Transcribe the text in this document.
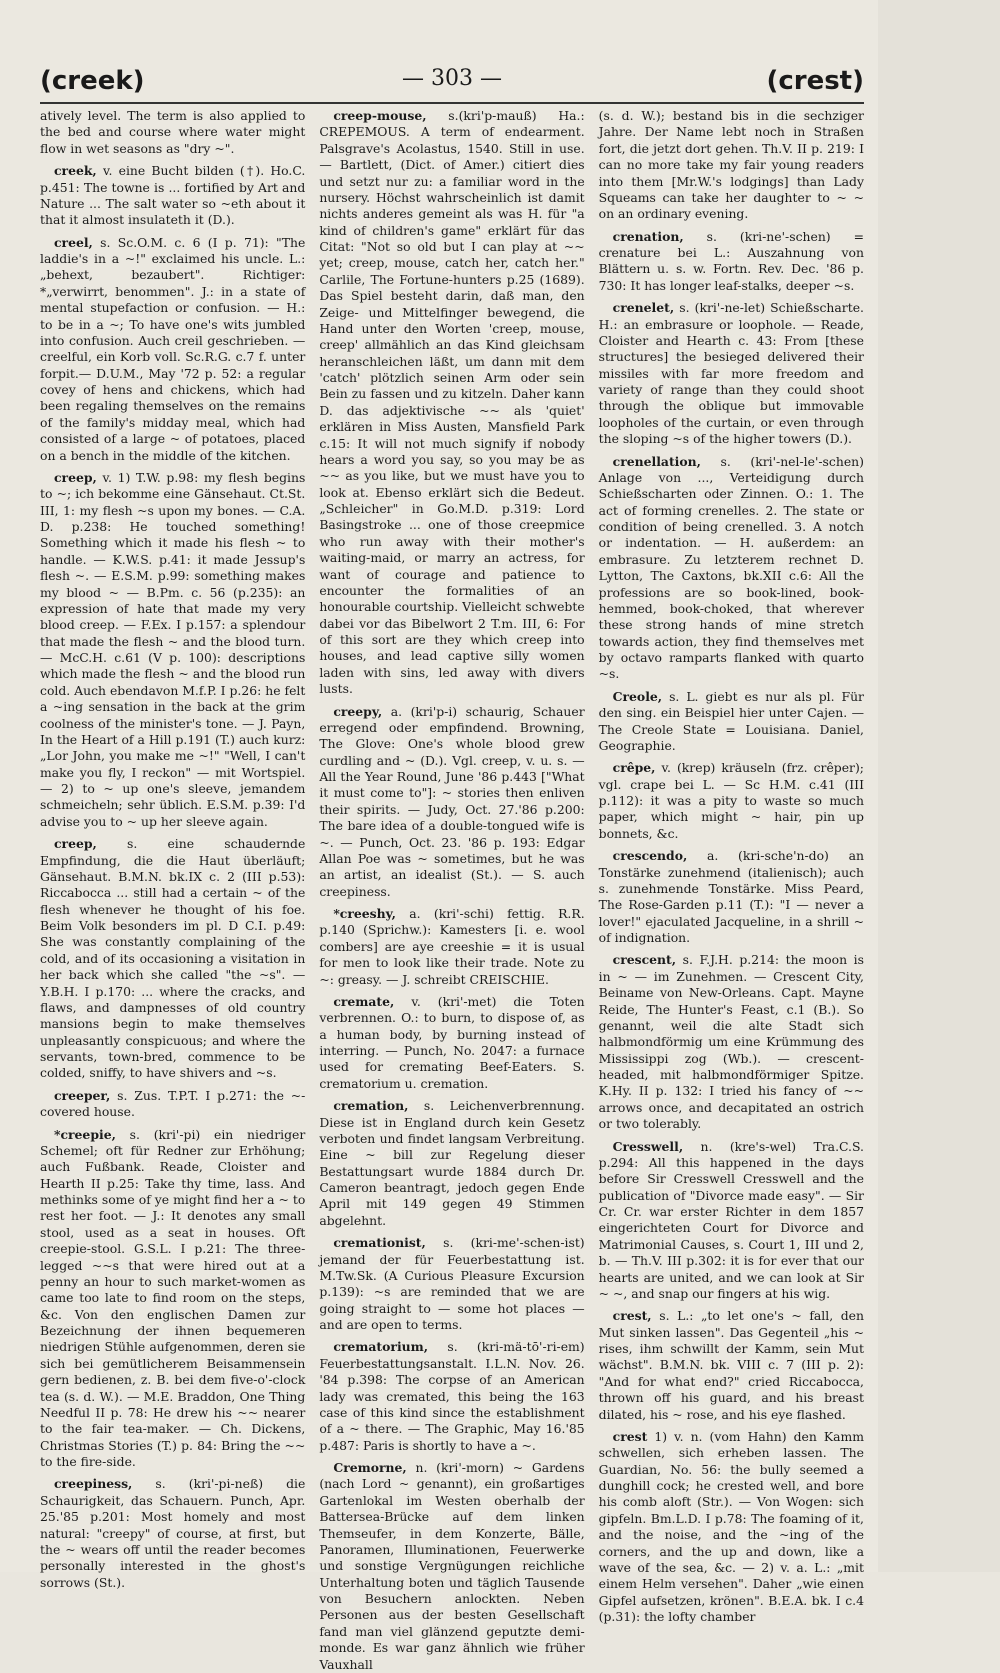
(creek)	— 303 —	(crest)

atively level. The term is also applied to the bed and course where water might flow in wet seasons as "dry ~".

creek, v. eine Bucht bilden (†). Ho.C. p.451: The towne is ... fortified by Art and Nature ... The salt water so ~eth about it that it almost insulateth it (D.).

creel, s. Sc.O.M. c. 6 (I p. 71): "The laddie's in a ~!" exclaimed his uncle. L.: „behext, bezaubert". Richtiger: *„verwirrt, benommen". J.: in a state of mental stupefaction or confusion. — H.: to be in a ~; To have one's wits jumbled into confusion. Auch creil geschrieben. — creelful, ein Korb voll. Sc.R.G. c.7 f. unter forpit.— D.U.M., May '72 p. 52: a regular covey of hens and chickens, which had been regaling themselves on the remains of the family's midday meal, which had consisted of a large ~ of potatoes, placed on a bench in the middle of the kitchen.

creep, v. 1) T.W. p.98: my flesh begins to ~; ich bekomme eine Gänsehaut. Ct.St. III, 1: my flesh ~s upon my bones. — C.A. D. p.238: He touched something! Something which it made his flesh ~ to handle. — K.W.S. p.41: it made Jessup's flesh ~. — E.S.M. p.99: something makes my blood ~ — B.Pm. c. 56 (p.235): an expression of hate that made my very blood creep. — F.Ex. I p.157: a splendour that made the flesh ~ and the blood turn. — McC.H. c.61 (V p. 100): descriptions which made the flesh ~ and the blood run cold. Auch ebendavon M.f.P. I p.26: he felt a ~ing sensation in the back at the grim coolness of the minister's tone. — J. Payn, In the Heart of a Hill p.191 (T.) auch kurz: „Lor John, you make me ~!" "Well, I can't make you fly, I reckon" — mit Wortspiel. — 2) to ~ up one's sleeve, jemandem schmeicheln; sehr üblich. E.S.M. p.39: I'd advise you to ~ up her sleeve again.

creep, s. eine schaudernde Empfindung, die die Haut überläuft; Gänsehaut. B.M.N. bk.IX c. 2 (III p.53): Riccabocca ... still had a certain ~ of the flesh whenever he thought of his foe. Beim Volk besonders im pl. D C.I. p.49: She was constantly complaining of the cold, and of its occasioning a visitation in her back which she called "the ~s". — Y.B.H. I p.170: ... where the cracks, and flaws, and dampnesses of old country mansions begin to make themselves unpleasantly conspicuous; and where the servants, town-bred, commence to be colded, sniffy, to have shivers and ~s.

creeper, s. Zus. T.P.T. I p.271: the ~-covered house.

*creepie, s. (kri'-pi) ein niedriger Schemel; oft für Redner zur Erhöhung; auch Fußbank. Reade, Cloister and Hearth II p.25: Take thy time, lass. And methinks some of ye might find her a ~ to rest her foot. — J.: It denotes any small stool, used as a seat in houses. Oft creepie-stool. G.S.L. I p.21: The three-legged ~~s that were hired out at a penny an hour to such market-women as came too late to find room on the steps, &c. Von den englischen Damen zur Bezeichnung der ihnen bequemeren niedrigen Stühle aufgenommen, deren sie sich bei gemütlicherem Beisammensein gern bedienen, z. B. bei dem five-o'-clock tea (s. d. W.). — M.E. Braddon, One Thing Needful II p. 78: He drew his ~~ nearer to the fair tea-maker. — Ch. Dickens, Christmas Stories (T.) p. 84: Bring the ~~ to the fire-side.

creepiness, s. (kri'-pi-neß) die Schaurigkeit, das Schauern. Punch, Apr. 25.'85 p.201: Most homely and most natural: "creepy" of course, at first, but the ~ wears off until the reader becomes personally interested in the ghost's sorrows (St.).

creep-mouse, s.(kri'p-mauß) Ha.: CREPEMOUS. A term of endearment. Palsgrave's Acolastus, 1540. Still in use. — Bartlett, (Dict. of Amer.) citiert dies und setzt nur zu: a familiar word in the nursery. Höchst wahrscheinlich ist damit nichts anderes gemeint als was H. für "a kind of children's game" erklärt für das Citat: "Not so old but I can play at ~~ yet; creep, mouse, catch her, catch her." Carlile, The Fortune-hunters p.25 (1689). Das Spiel besteht darin, daß man, den Zeige- und Mittelfinger bewegend, die Hand unter den Worten 'creep, mouse, creep' allmählich an das Kind gleichsam heranschleichen läßt, um dann mit dem 'catch' plötzlich seinen Arm oder sein Bein zu fassen und zu kitzeln. Daher kann D. das adjektivische ~~ als 'quiet' erklären in Miss Austen, Mansfield Park c.15: It will not much signify if nobody hears a word you say, so you may be as ~~ as you like, but we must have you to look at. Ebenso erklärt sich die Bedeut. „Schleicher" in Go.M.D. p.319: Lord Basingstroke ... one of those creepmice who run away with their mother's waiting-maid, or marry an actress, for want of courage and patience to encounter the formalities of an honourable courtship. Vielleicht schwebte dabei vor das Bibelwort 2 T.m. III, 6: For of this sort are they which creep into houses, and lead captive silly women laden with sins, led away with divers lusts.

creepy, a. (kri'p-i) schaurig, Schauer erregend oder empfindend. Browning, The Glove: One's whole blood grew curdling and ~ (D.). Vgl. creep, v. u. s. — All the Year Round, June '86 p.443 ["What it must come to"]: ~ stories then enliven their spirits. — Judy, Oct. 27.'86 p.200: The bare idea of a double-tongued wife is ~. — Punch, Oct. 23. '86 p. 193: Edgar Allan Poe was ~ sometimes, but he was an artist, an idealist (St.). — S. auch creepiness.

*creeshy, a. (kri'-schi) fettig. R.R. p.140 (Sprichw.): Kamesters [i. e. wool combers] are aye creeshie = it is usual for men to look like their trade. Note zu ~: greasy. — J. schreibt CREISCHIE.

cremate, v. (kri'-met) die Toten verbrennen. O.: to burn, to dispose of, as a human body, by burning instead of interring. — Punch, No. 2047: a furnace used for cremating Beef-Eaters. S. crematorium u. cremation.

cremation, s. Leichenverbrennung. Diese ist in England durch kein Gesetz verboten und findet langsam Verbreitung. Eine ~ bill zur Regelung dieser Bestattungsart wurde 1884 durch Dr. Cameron beantragt, jedoch gegen Ende April mit 149 gegen 49 Stimmen abgelehnt.

cremationist, s. (kri-me'-schen-ist) jemand der für Feuerbestattung ist. M.Tw.Sk. (A Curious Pleasure Excursion p.139): ~s are reminded that we are going straight to — some hot places — and are open to terms.

crematorium, s. (kri-mä-tō'-ri-em) Feuerbestattungsanstalt. I.L.N. Nov. 26. '84 p.398: The corpse of an American lady was cremated, this being the 163 case of this kind since the establishment of a ~ there. — The Graphic, May 16.'85 p.487: Paris is shortly to have a ~.

Cremorne, n. (kri'-morn) ~ Gardens (nach Lord ~ genannt), ein großartiges Gartenlokal im Westen oberhalb der Battersea-Brücke auf dem linken Themseufer, in dem Konzerte, Bälle, Panoramen, Illuminationen, Feuerwerke und sonstige Vergnügungen reichliche Unterhaltung boten und täglich Tausende von Besuchern anlockten. Neben Personen aus der besten Gesellschaft fand man viel glänzend geputzte demi-monde. Es war ganz ähnlich wie früher Vauxhall

(s. d. W.); bestand bis in die sechziger Jahre. Der Name lebt noch in Straßen fort, die jetzt dort gehen. Th.V. II p. 219: I can no more take my fair young readers into them [Mr.W.'s lodgings] than Lady Squeams can take her daughter to ~ ~ on an ordinary evening.

crenation, s. (kri-ne'-schen) = crenature bei L.: Auszahnung von Blättern u. s. w. Fortn. Rev. Dec. '86 p. 730: It has longer leaf-stalks, deeper ~s.

crenelet, s. (kri'-ne-let) Schießscharte. H.: an embrasure or loophole. — Reade, Cloister and Hearth c. 43: From [these structures] the besieged delivered their missiles with far more freedom and variety of range than they could shoot through the oblique but immovable loopholes of the curtain, or even through the sloping ~s of the higher towers (D.).

crenellation, s. (kri'-nel-le'-schen) Anlage von ..., Verteidigung durch Schießscharten oder Zinnen. O.: 1. The act of forming crenelles. 2. The state or condition of being crenelled. 3. A notch or indentation. — H. außerdem: an embrasure. Zu letzterem rechnet D. Lytton, The Caxtons, bk.XII c.6: All the professions are so book-lined, book-hemmed, book-choked, that wherever these strong hands of mine stretch towards action, they find themselves met by octavo ramparts flanked with quarto ~s.

Creole, s. L. giebt es nur als pl. Für den sing. ein Beispiel hier unter Cajen. — The Creole State = Louisiana. Daniel, Geographie.

crêpe, v. (krep) kräuseln (frz. crêper); vgl. crape bei L. — Sc H.M. c.41 (III p.112): it was a pity to waste so much paper, which might ~ hair, pin up bonnets, &c.

crescendo, a. (kri-sche'n-do) an Tonstärke zunehmend (italienisch); auch s. zunehmende Tonstärke. Miss Peard, The Rose-Garden p.11 (T.): "I — never a lover!" ejaculated Jacqueline, in a shrill ~ of indignation.

crescent, s. F.J.H. p.214: the moon is in ~ — im Zunehmen. — Crescent City, Beiname von New-Orleans. Capt. Mayne Reide, The Hunter's Feast, c.1 (B.). So genannt, weil die alte Stadt sich halbmondförmig um eine Krümmung des Mississippi zog (Wb.). — crescent-headed, mit halbmondförmiger Spitze. K.Hy. II p. 132: I tried his fancy of ~~ arrows once, and decapitated an ostrich or two tolerably.

Cresswell, n. (kre's-wel) Tra.C.S. p.294: All this happened in the days before Sir Cresswell Cresswell and the publication of "Divorce made easy". — Sir Cr. Cr. war erster Richter in dem 1857 eingerichteten Court for Divorce and Matrimonial Causes, s. Court 1, III und 2, b. — Th.V. III p.302: it is for ever that our hearts are united, and we can look at Sir ~ ~, and snap our fingers at his wig.

crest, s. L.: „to let one's ~ fall, den Mut sinken lassen". Das Gegenteil „his ~ rises, ihm schwillt der Kamm, sein Mut wächst". B.M.N. bk. VIII c. 7 (III p. 2): "And for what end?" cried Riccabocca, thrown off his guard, and his breast dilated, his ~ rose, and his eye flashed.

crest 1) v. n. (vom Hahn) den Kamm schwellen, sich erheben lassen. The Guardian, No. 56: the bully seemed a dunghill cock; he crested well, and bore his comb aloft (Str.). — Von Wogen: sich gipfeln. Bm.L.D. I p.78: The foaming of it, and the noise, and the ~ing of the corners, and the up and down, like a wave of the sea, &c. — 2) v. a. L.: „mit einem Helm versehen". Daher „wie einen Gipfel aufsetzen, krönen". B.E.A. bk. I c.4 (p.31): the lofty chamber
